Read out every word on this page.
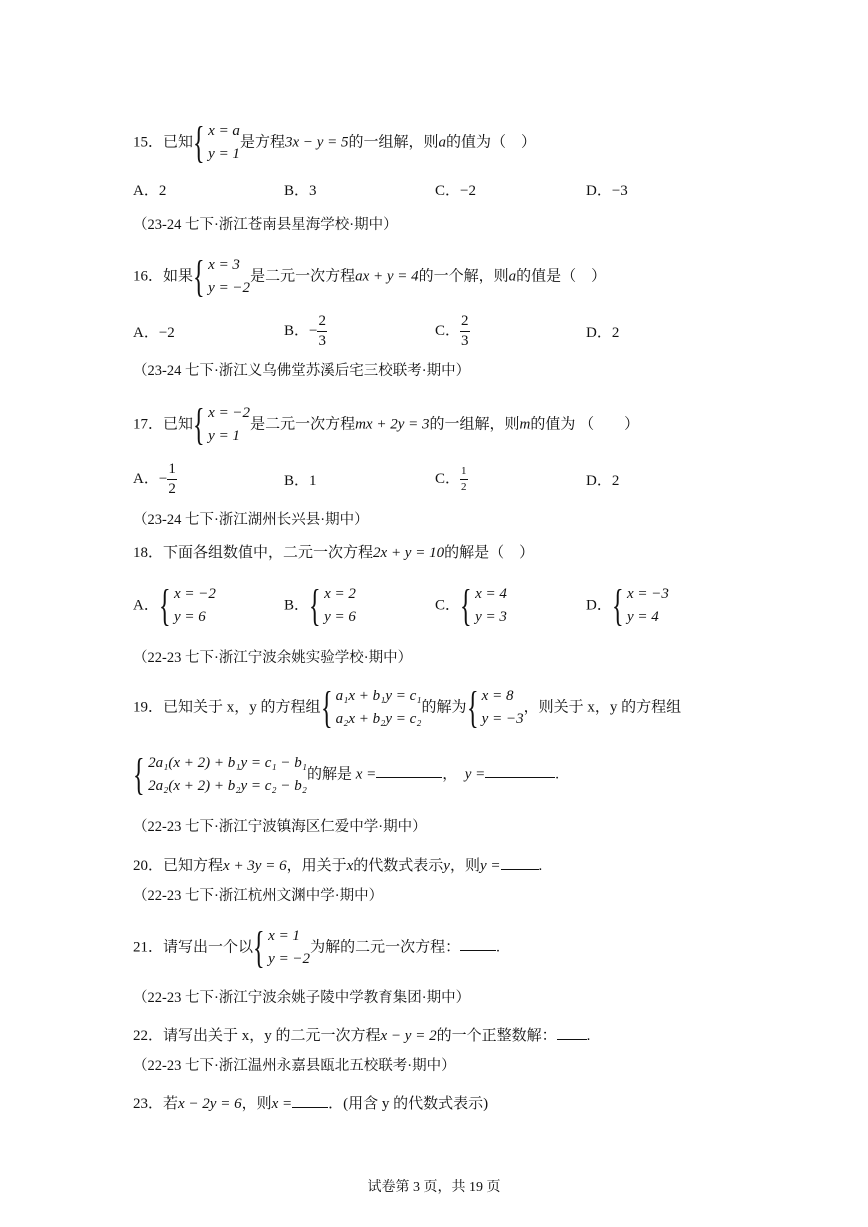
15．已知{ x = a
y = 1
是方程3x − y = 5的一组解，则a的值为（　）
A．2	B．3	C．−2	D．−3
（23-24 七下·浙江苍南县星海学校·期中）
16．如果{ x = 3
y = −2
是二元一次方程ax + y = 4的一个解，则a的值是（　）
A．−2	B．− $\frac{2}{3}$	C． $\frac{2}{3}$	D．2
（23-24 七下·浙江义乌佛堂苏溪后宅三校联考·期中）
17．已知{ x = −2
y = 1
是二元一次方程mx + 2y = 3的一组解，则m的值为 （　　）
A．− $\frac{1}{2}$	B．1	C． $\frac{1}{2}$	D．2
（23-24 七下·浙江湖州长兴县·期中）
18．下面各组数值中，二元一次方程2x + y = 10的解是（　）
A．{ x = −2
y = 6
B．{ x = 2
y = 6
C．{ x = 4
y = 3
D．{ x = −3
y = 4
（22-23 七下·浙江宁波余姚实验学校·期中）
19．已知关于 x，y 的方程组{ a₁x + b₁y = c₁
a₂x + b₂y = c₂
的解为{ x = 8
y = −3
，则关于 x，y 的方程组
{ 2a₁(x + 2) + b₁y = c₁ − b₁
2a₂(x + 2) + b₂y = c₂ − b₂
的解是 x =	， y =	.
（22-23 七下·浙江宁波镇海区仁爱中学·期中）
20．已知方程x + 3y = 6，用关于x的代数式表示y，则y =	.
（22-23 七下·浙江杭州文渊中学·期中）
21．请写出一个以{ x = 1
y = −2
为解的二元一次方程： .
（22-23 七下·浙江宁波余姚子陵中学教育集团·期中）
22．请写出关于 x，y 的二元一次方程x − y = 2的一个正整数解： .
（22-23 七下·浙江温州永嘉县瓯北五校联考·期中）
23．若x − 2y = 6，则x = ．(用含 y 的代数式表示)
试卷第 3 页，共 19 页
